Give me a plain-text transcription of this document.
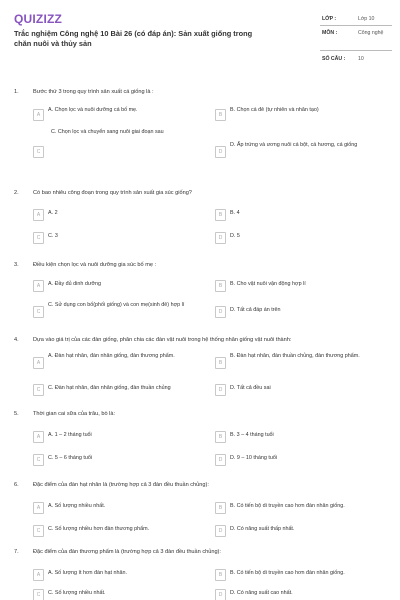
QUIZIZZ
Trắc nghiệm Công nghệ 10 Bài 26 (có đáp án): Sản xuất giống trong chăn nuôi và thủy sản
LỚP :	Lớp 10
MÔN :	Công nghệ
SỐ CÂU : 10
1.	Bước thứ 3 trong quy trình sản xuất cá giống là :
A
A. Chọn lọc và nuôi dưỡng cá bố mẹ.
B
B. Chọn cá đẻ (tự nhiên và nhân tạo)
C. Chọn lọc và chuyển sang nuôi giai đoạn sau
C	D
D. Ấp trứng và ương nuôi cá bột, cá hương, cá giống
2.	Có bao nhiêu công đoạn trong quy trình sản xuất gia súc giống?
A	A. 2	B	B. 4
C	C. 3	D	D. 5
3.	Điều kiện chọn lọc và nuôi dưỡng gia súc bố mẹ :
A	A. Đầy đủ dinh dưỡng	B	B. Cho vật nuôi vận động hợp lí
C
C. Sử dụng con bố(phối giống) và con mẹ(sinh đẻ) hợp lí
D	D. Tất cả đáp án trên
4.	Dựa vào giá trị của các đàn giống, phân chia các đàn vật nuôi trong hệ thống nhân giống vật nuôi thành:
A
A. Đàn hạt nhân, đàn nhân giống, đàn thương phẩm.
B
B. Đàn hạt nhân, đàn thuần chủng, đàn thương phẩm.
C	C. Đàn hạt nhân, đàn nhân giống, đàn thuần chủng	D	D. Tất cả đều sai
5.	Thời gian cai sữa của trâu, bò là:
A	A. 1 – 2 tháng tuổi	B	B. 3 – 4 tháng tuổi
C	C. 5 – 6 tháng tuổi	D	D. 9 – 10 tháng tuổi
6.	Đặc điểm của đàn hạt nhân là (trường hợp cả 3 đàn đều thuần chủng):
A	A. Số lượng nhiều nhất.	B	B. Có tiến bộ di truyền cao hơn đàn nhân giống.
C	C. Số lượng nhiều hơn đàn thương phẩm.	D	D. Có năng suất thấp nhất.
7.	Đặc điểm của đàn thương phẩm là (trường hợp cả 3 đàn đều thuần chủng):
A	A. Số lượng ít hơn đàn hạt nhân.	B	B. Có tiến bộ di truyền cao hơn đàn nhân giống.
C	C. Số lượng nhiều nhất.	D	D. Có năng suất cao nhất.
